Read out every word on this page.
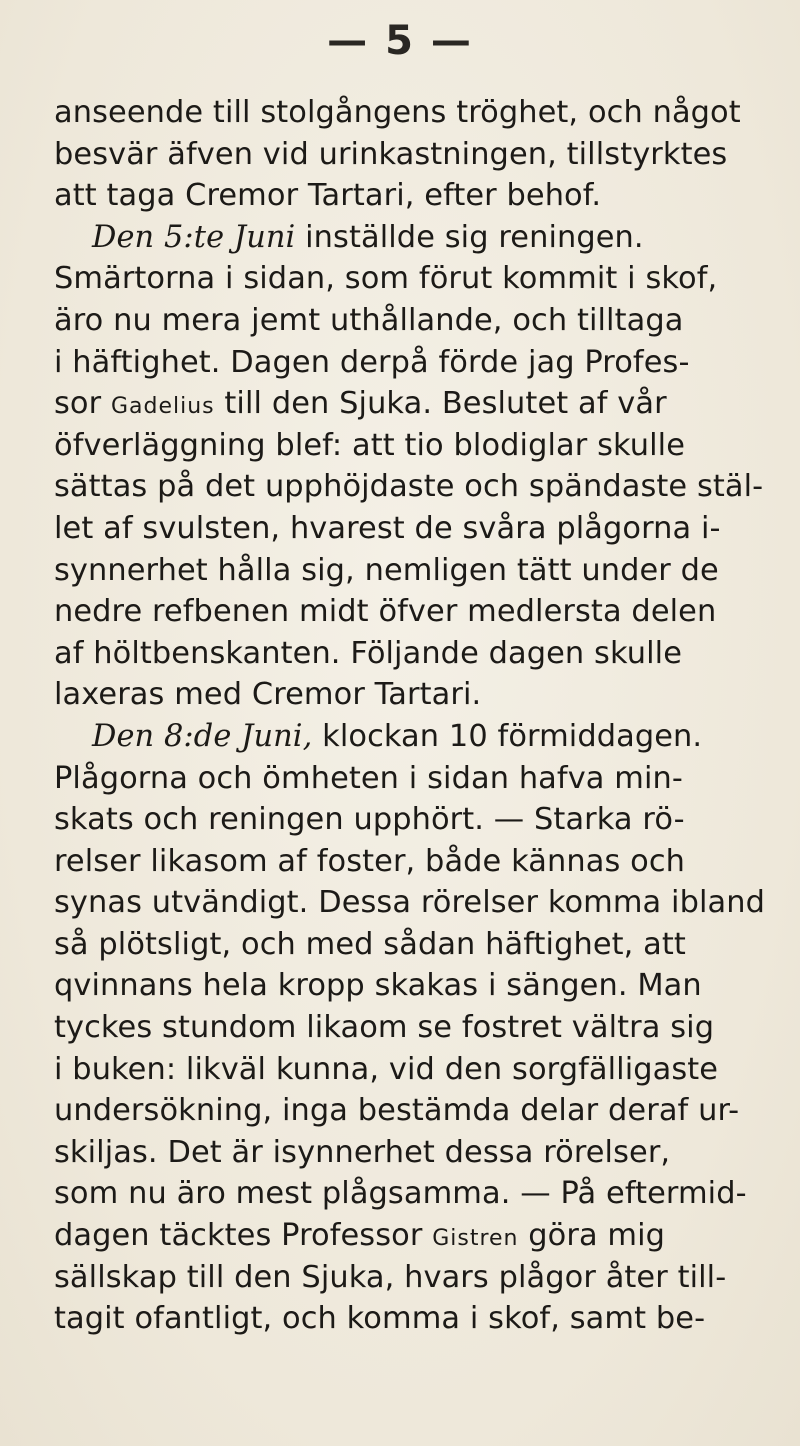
— 5 —
anseende till stolgångens tröghet, och något
besvär äfven vid urinkastningen, tillstyrktes
att taga Cremor Tartari, efter behof.
Den 5:te Juni inställde sig reningen.
Smärtorna i sidan, som förut kommit i skof,
äro nu mera jemt uthållande, och tilltaga
i häftighet. Dagen derpå förde jag Profes-
sor Gadelius till den Sjuka. Beslutet af vår
öfverläggning blef: att tio blodiglar skulle
sättas på det upphöjdaste och spändaste stäl-
let af svulsten, hvarest de svåra plågorna i-
synnerhet hålla sig, nemligen tätt under de
nedre refbenen midt öfver medlersta delen
af höltbenskanten. Följande dagen skulle
laxeras med Cremor Tartari.
Den 8:de Juni, klockan 10 förmiddagen.
Plågorna och ömheten i sidan hafva min-
skats och reningen upphört. — Starka rö-
relser likasom af foster, både kännas och
synas utvändigt. Dessa rörelser komma ibland
så plötsligt, och med sådan häftighet, att
qvinnans hela kropp skakas i sängen. Man
tyckes stundom likaom se fostret vältra sig
i buken: likväl kunna, vid den sorgfälligaste
undersökning, inga bestämda delar deraf ur-
skiljas. Det är isynnerhet dessa rörelser,
som nu äro mest plågsamma. — På eftermid-
dagen täcktes Professor Gistren göra mig
sällskap till den Sjuka, hvars plågor åter till-
tagit ofantligt, och komma i skof, samt be-
